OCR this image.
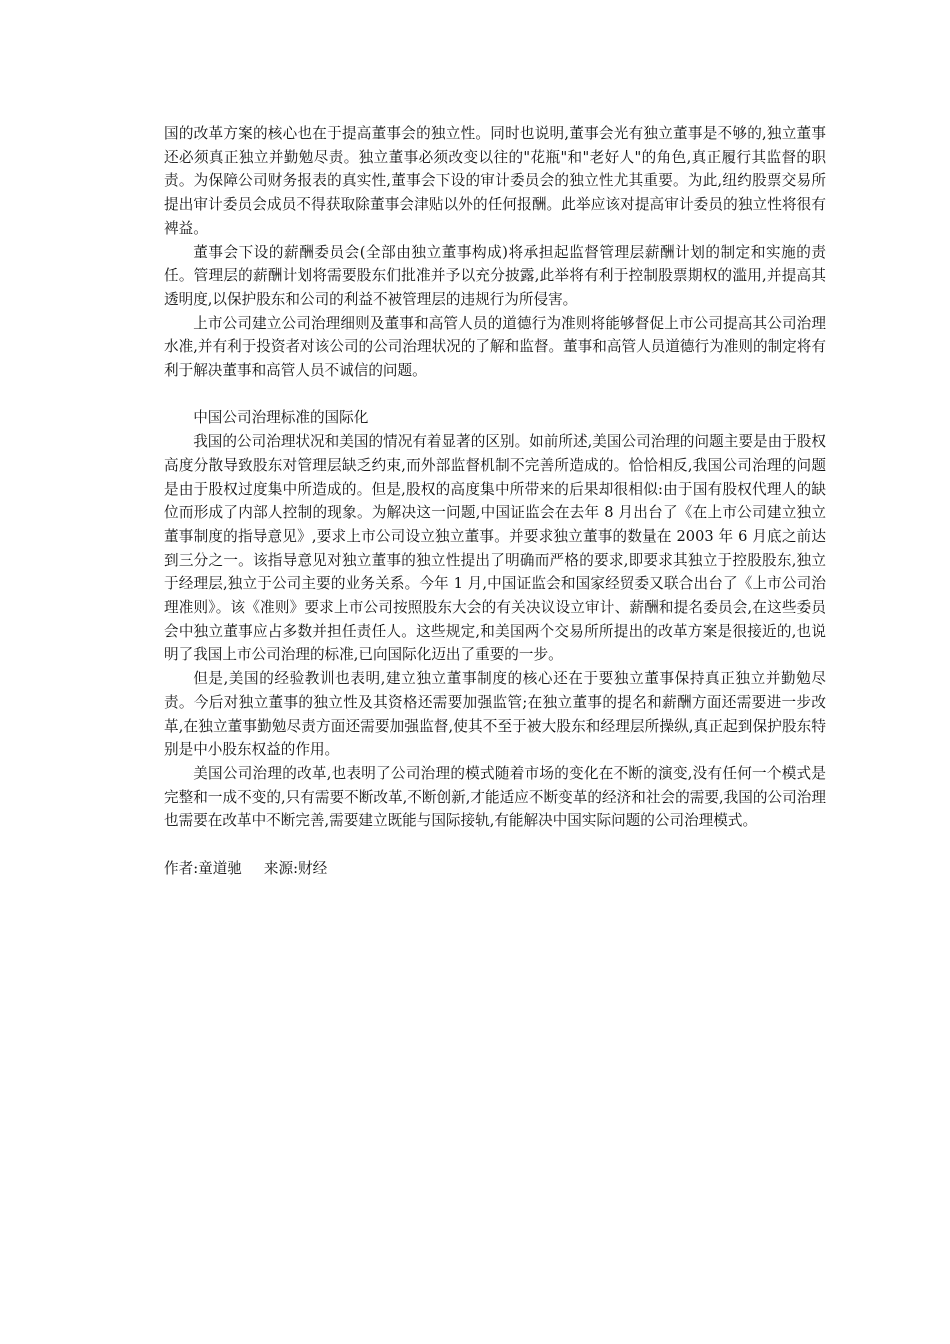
国的改革方案的核心也在于提高董事会的独立性。同时也说明,董事会光有独立董事是不够的,独立董事还必须真正独立并勤勉尽责。独立董事必须改变以往的"花瓶"和"老好人"的角色,真正履行其监督的职责。为保障公司财务报表的真实性,董事会下设的审计委员会的独立性尤其重要。为此,纽约股票交易所提出审计委员会成员不得获取除董事会津贴以外的任何报酬。此举应该对提高审计委员的独立性将很有裨益。

董事会下设的薪酬委员会(全部由独立董事构成)将承担起监督管理层薪酬计划的制定和实施的责任。管理层的薪酬计划将需要股东们批准并予以充分披露,此举将有利于控制股票期权的滥用,并提高其透明度,以保护股东和公司的利益不被管理层的违规行为所侵害。

上市公司建立公司治理细则及董事和高管人员的道德行为准则将能够督促上市公司提高其公司治理水准,并有利于投资者对该公司的公司治理状况的了解和监督。董事和高管人员道德行为准则的制定将有利于解决董事和高管人员不诚信的问题。

中国公司治理标准的国际化

我国的公司治理状况和美国的情况有着显著的区别。如前所述,美国公司治理的问题主要是由于股权高度分散导致股东对管理层缺乏约束,而外部监督机制不完善所造成的。恰恰相反,我国公司治理的问题是由于股权过度集中所造成的。但是,股权的高度集中所带来的后果却很相似:由于国有股权代理人的缺位而形成了内部人控制的现象。为解决这一问题,中国证监会在去年 8 月出台了《在上市公司建立独立董事制度的指导意见》,要求上市公司设立独立董事。并要求独立董事的数量在 2003 年 6 月底之前达到三分之一。该指导意见对独立董事的独立性提出了明确而严格的要求,即要求其独立于控股股东,独立于经理层,独立于公司主要的业务关系。今年 1 月,中国证监会和国家经贸委又联合出台了《上市公司治理准则》。该《准则》要求上市公司按照股东大会的有关决议设立审计、薪酬和提名委员会,在这些委员会中独立董事应占多数并担任责任人。这些规定,和美国两个交易所所提出的改革方案是很接近的,也说明了我国上市公司治理的标准,已向国际化迈出了重要的一步。

但是,美国的经验教训也表明,建立独立董事制度的核心还在于要独立董事保持真正独立并勤勉尽责。今后对独立董事的独立性及其资格还需要加强监管;在独立董事的提名和薪酬方面还需要进一步改革,在独立董事勤勉尽责方面还需要加强监督,使其不至于被大股东和经理层所操纵,真正起到保护股东特别是中小股东权益的作用。

美国公司治理的改革,也表明了公司治理的模式随着市场的变化在不断的演变,没有任何一个模式是完整和一成不变的,只有需要不断改革,不断创新,才能适应不断变革的经济和社会的需要,我国的公司治理也需要在改革中不断完善,需要建立既能与国际接轨,有能解决中国实际问题的公司治理模式。

作者:童道驰 来源:财经
